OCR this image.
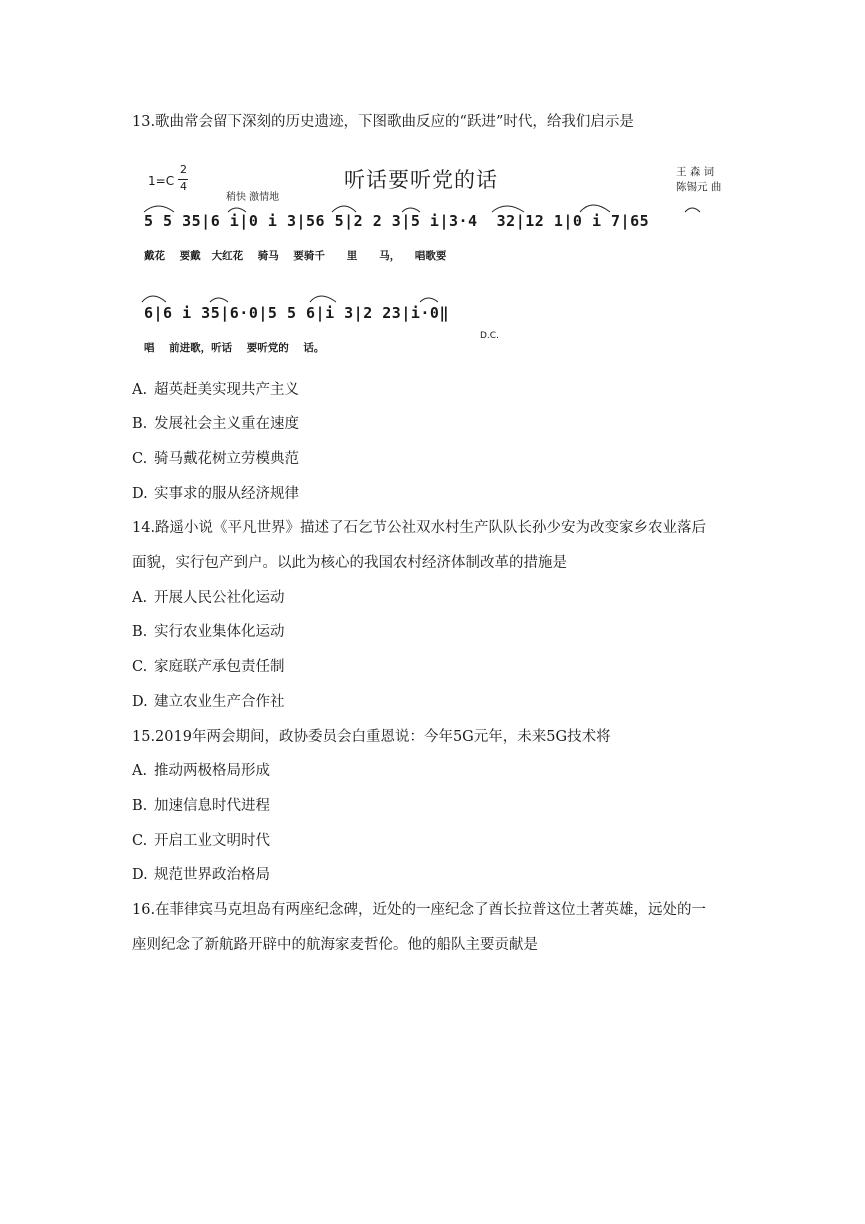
13.歌曲常会留下深刻的历史遗迹，下图歌曲反应的“跃进”时代，给我们启示是
1=C
2
4
稍快 激情地
听话要听党的话	王 森 词
陈锡元 曲
5 5 35|6 i|0 i 3|56 5|2 2 3|5 i|3·4  32|12 1|0 i 7|65
戴花    要戴   大红花    骑马    要骑千      里      马，    唱歌要
6|6 i 35|6·0|5 5 6|i 3|2 23|i·0‖
唱    前进歌，听话    要听党的    话。
D.C.
A. 超英赶美实现共产主义
B. 发展社会主义重在速度
C. 骑马戴花树立劳模典范
D. 实事求的服从经济规律
14.路遥小说《平凡世界》描述了石乞节公社双水村生产队队长孙少安为改变家乡农业落后
面貌，实行包产到户。以此为核心的我国农村经济体制改革的措施是
A. 开展人民公社化运动
B. 实行农业集体化运动
C. 家庭联产承包责任制
D. 建立农业生产合作社
15.2019年两会期间，政协委员会白重恩说：今年5G元年，未来5G技术将
A. 推动两极格局形成
B. 加速信息时代进程
C. 开启工业文明时代
D. 规范世界政治格局
16.在菲律宾马克坦岛有两座纪念碑，近处的一座纪念了酋长拉普这位土著英雄，远处的一
座则纪念了新航路开辟中的航海家麦哲伦。他的船队主要贡献是
